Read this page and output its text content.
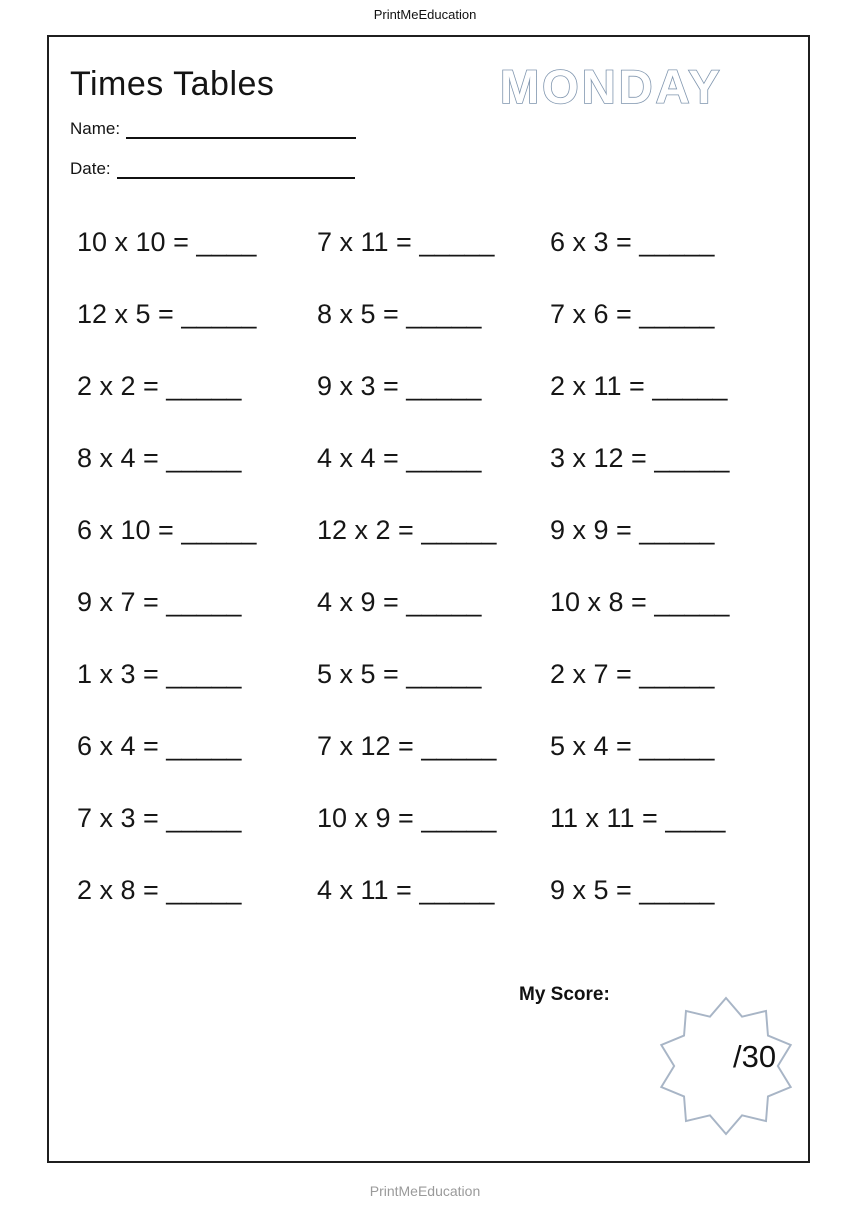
PrintMeEducation
Times Tables	MONDAY
Name:
Date:
10 x 10 = ____	7 x 11 = _____	6 x 3 = _____
12 x 5 = _____	8 x 5 = _____	7 x 6 = _____
2 x 2 = _____	9 x 3 = _____	2 x 11 = _____
8 x 4 = _____	4 x 4 = _____	3 x 12 = _____
6 x 10 = _____	12 x 2 = _____	9 x 9 = _____
9 x 7 = _____	4 x 9 = _____	10 x 8 = _____
1 x 3 = _____	5 x 5 = _____	2 x 7 = _____
6 x 4 = _____	7 x 12 = _____	5 x 4 = _____
7 x 3 = _____	10 x 9 = _____	11 x 11 = ____
2 x 8 = _____	4 x 11 = _____	9 x 5 = _____
My Score:
/30
PrintMeEducation
